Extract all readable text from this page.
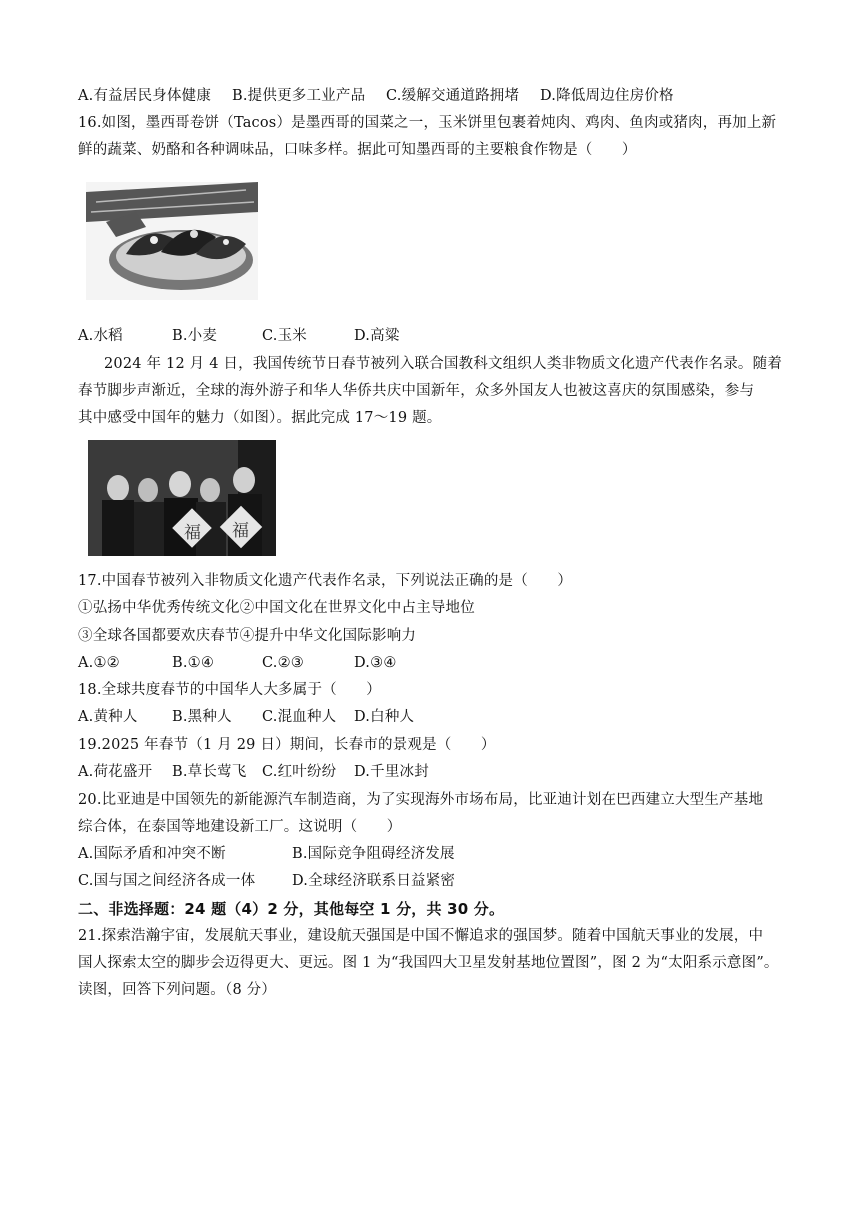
A.有益居民身体健康	B.提供更多工业产品	C.缓解交通道路拥堵	D.降低周边住房价格
16.如图，墨西哥卷饼（Tacos）是墨西哥的国菜之一，玉米饼里包裹着炖肉、鸡肉、鱼肉或猪肉，再加上新
鲜的蔬菜、奶酪和各种调味品，口味多样。据此可知墨西哥的主要粮食作物是（　　）
A.水稻	B.小麦	C.玉米	D.高粱
2024 年 12 月 4 日，我国传统节日春节被列入联合国教科文组织人类非物质文化遗产代表作名录。随着
春节脚步声渐近，全球的海外游子和华人华侨共庆中国新年，众多外国友人也被这喜庆的氛围感染，参与
其中感受中国年的魅力（如图）。据此完成 17～19 题。
福 福
17.中国春节被列入非物质文化遗产代表作名录，下列说法正确的是（　　）
①弘扬中华优秀传统文化②中国文化在世界文化中占主导地位
③全球各国都要欢庆春节④提升中华文化国际影响力
A.①②	B.①④	C.②③	D.③④
18.全球共度春节的中国华人大多属于（　　）
A.黄种人	B.黑种人	C.混血种人	D.白种人
19.2025 年春节（1 月 29 日）期间，长春市的景观是（　　）
A.荷花盛开	B.草长莺飞	C.红叶纷纷	D.千里冰封
20.比亚迪是中国领先的新能源汽车制造商，为了实现海外市场布局，比亚迪计划在巴西建立大型生产基地
综合体，在泰国等地建设新工厂。这说明（　　）
A.国际矛盾和冲突不断	B.国际竞争阻碍经济发展
C.国与国之间经济各成一体	D.全球经济联系日益紧密
二、非选择题：24 题（4）2 分，其他每空 1 分，共 30 分。
21.探索浩瀚宇宙，发展航天事业，建设航天强国是中国不懈追求的强国梦。随着中国航天事业的发展，中
国人探索太空的脚步会迈得更大、更远。图 1 为“我国四大卫星发射基地位置图”，图 2 为“太阳系示意图”。
读图，回答下列问题。（8 分）
